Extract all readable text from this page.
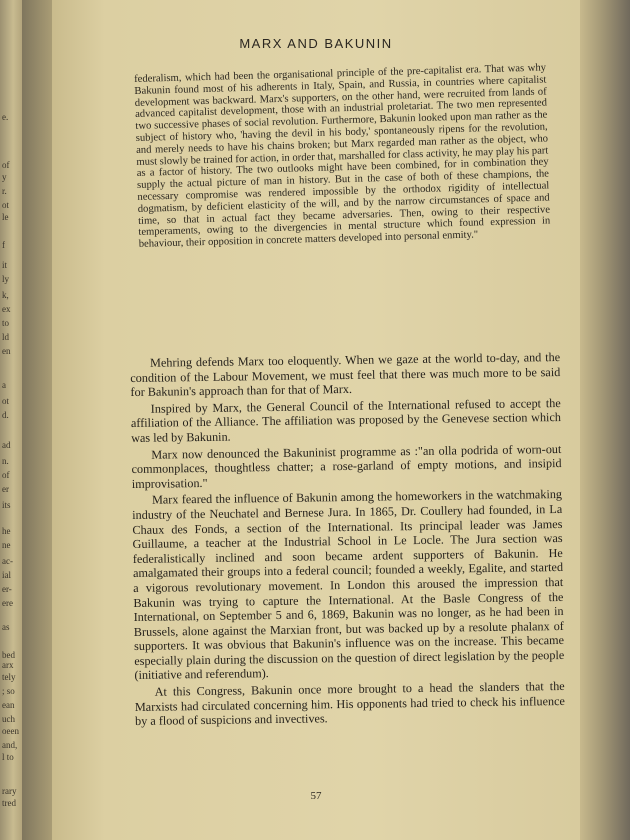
e.
of
y
r.
ot
le
f
it
ly
k,
ex
to
ld
en
a
ot
d.
ad
n.
of
er
its
he
ne
ac-
ial
er-
ere
as
bed
arx
tely
; so
ean
uch
oeen
and,
l to
rary
tred
MARX AND BAKUNIN

federalism, which had been the organisational principle of the pre-capitalist era. That was why Bakunin found most of his adherents in Italy, Spain, and Russia, in countries where capitalist development was backward. Marx's supporters, on the other hand, were recruited from lands of advanced capitalist development, those with an industrial proletariat. The two men represented two successive phases of social revolution. Furthermore, Bakunin looked upon man rather as the subject of history who, 'having the devil in his body,' spontaneously ripens for the revolution, and merely needs to have his chains broken; but Marx regarded man rather as the object, who must slowly be trained for action, in order that, marshalled for class activity, he may play his part as a factor of history. The two outlooks might have been combined, for in combination they supply the actual picture of man in history. But in the case of both of these champions, the necessary compromise was rendered impossible by the orthodox rigidity of intellectual dogmatism, by deficient elasticity of the will, and by the narrow circumstances of space and time, so that in actual fact they became adversaries. Then, owing to their respective temperaments, owing to the divergencies in mental structure which found expression in behaviour, their opposition in concrete matters developed into personal enmity."

Mehring defends Marx too eloquently. When we gaze at the world to-day, and the condition of the Labour Movement, we must feel that there was much more to be said for Bakunin's approach than for that of Marx.

Inspired by Marx, the General Council of the International refused to accept the affiliation of the Alliance. The affiliation was proposed by the Genevese section which was led by Bakunin.

Marx now denounced the Bakuninist programme as :"an olla podrida of worn-out commonplaces, thoughtless chatter; a rose-garland of empty motions, and insipid improvisation."

Marx feared the influence of Bakunin among the homeworkers in the watchmaking industry of the Neuchatel and Bernese Jura. In 1865, Dr. Coullery had founded, in La Chaux des Fonds, a section of the International. Its principal leader was James Guillaume, a teacher at the Industrial School in Le Locle. The Jura section was federalistically inclined and soon became ardent supporters of Bakunin. He amalgamated their groups into a federal council; founded a weekly, Egalite, and started a vigorous revolutionary movement. In London this aroused the impression that Bakunin was trying to capture the International. At the Basle Congress of the International, on September 5 and 6, 1869, Bakunin was no longer, as he had been in Brussels, alone against the Marxian front, but was backed up by a resolute phalanx of supporters. It was obvious that Bakunin's influence was on the increase. This became especially plain during the discussion on the question of direct legislation by the people (initiative and referendum).

At this Congress, Bakunin once more brought to a head the slanders that the Marxists had circulated concerning him. His opponents had tried to check his influence by a flood of suspicions and invectives.

57
